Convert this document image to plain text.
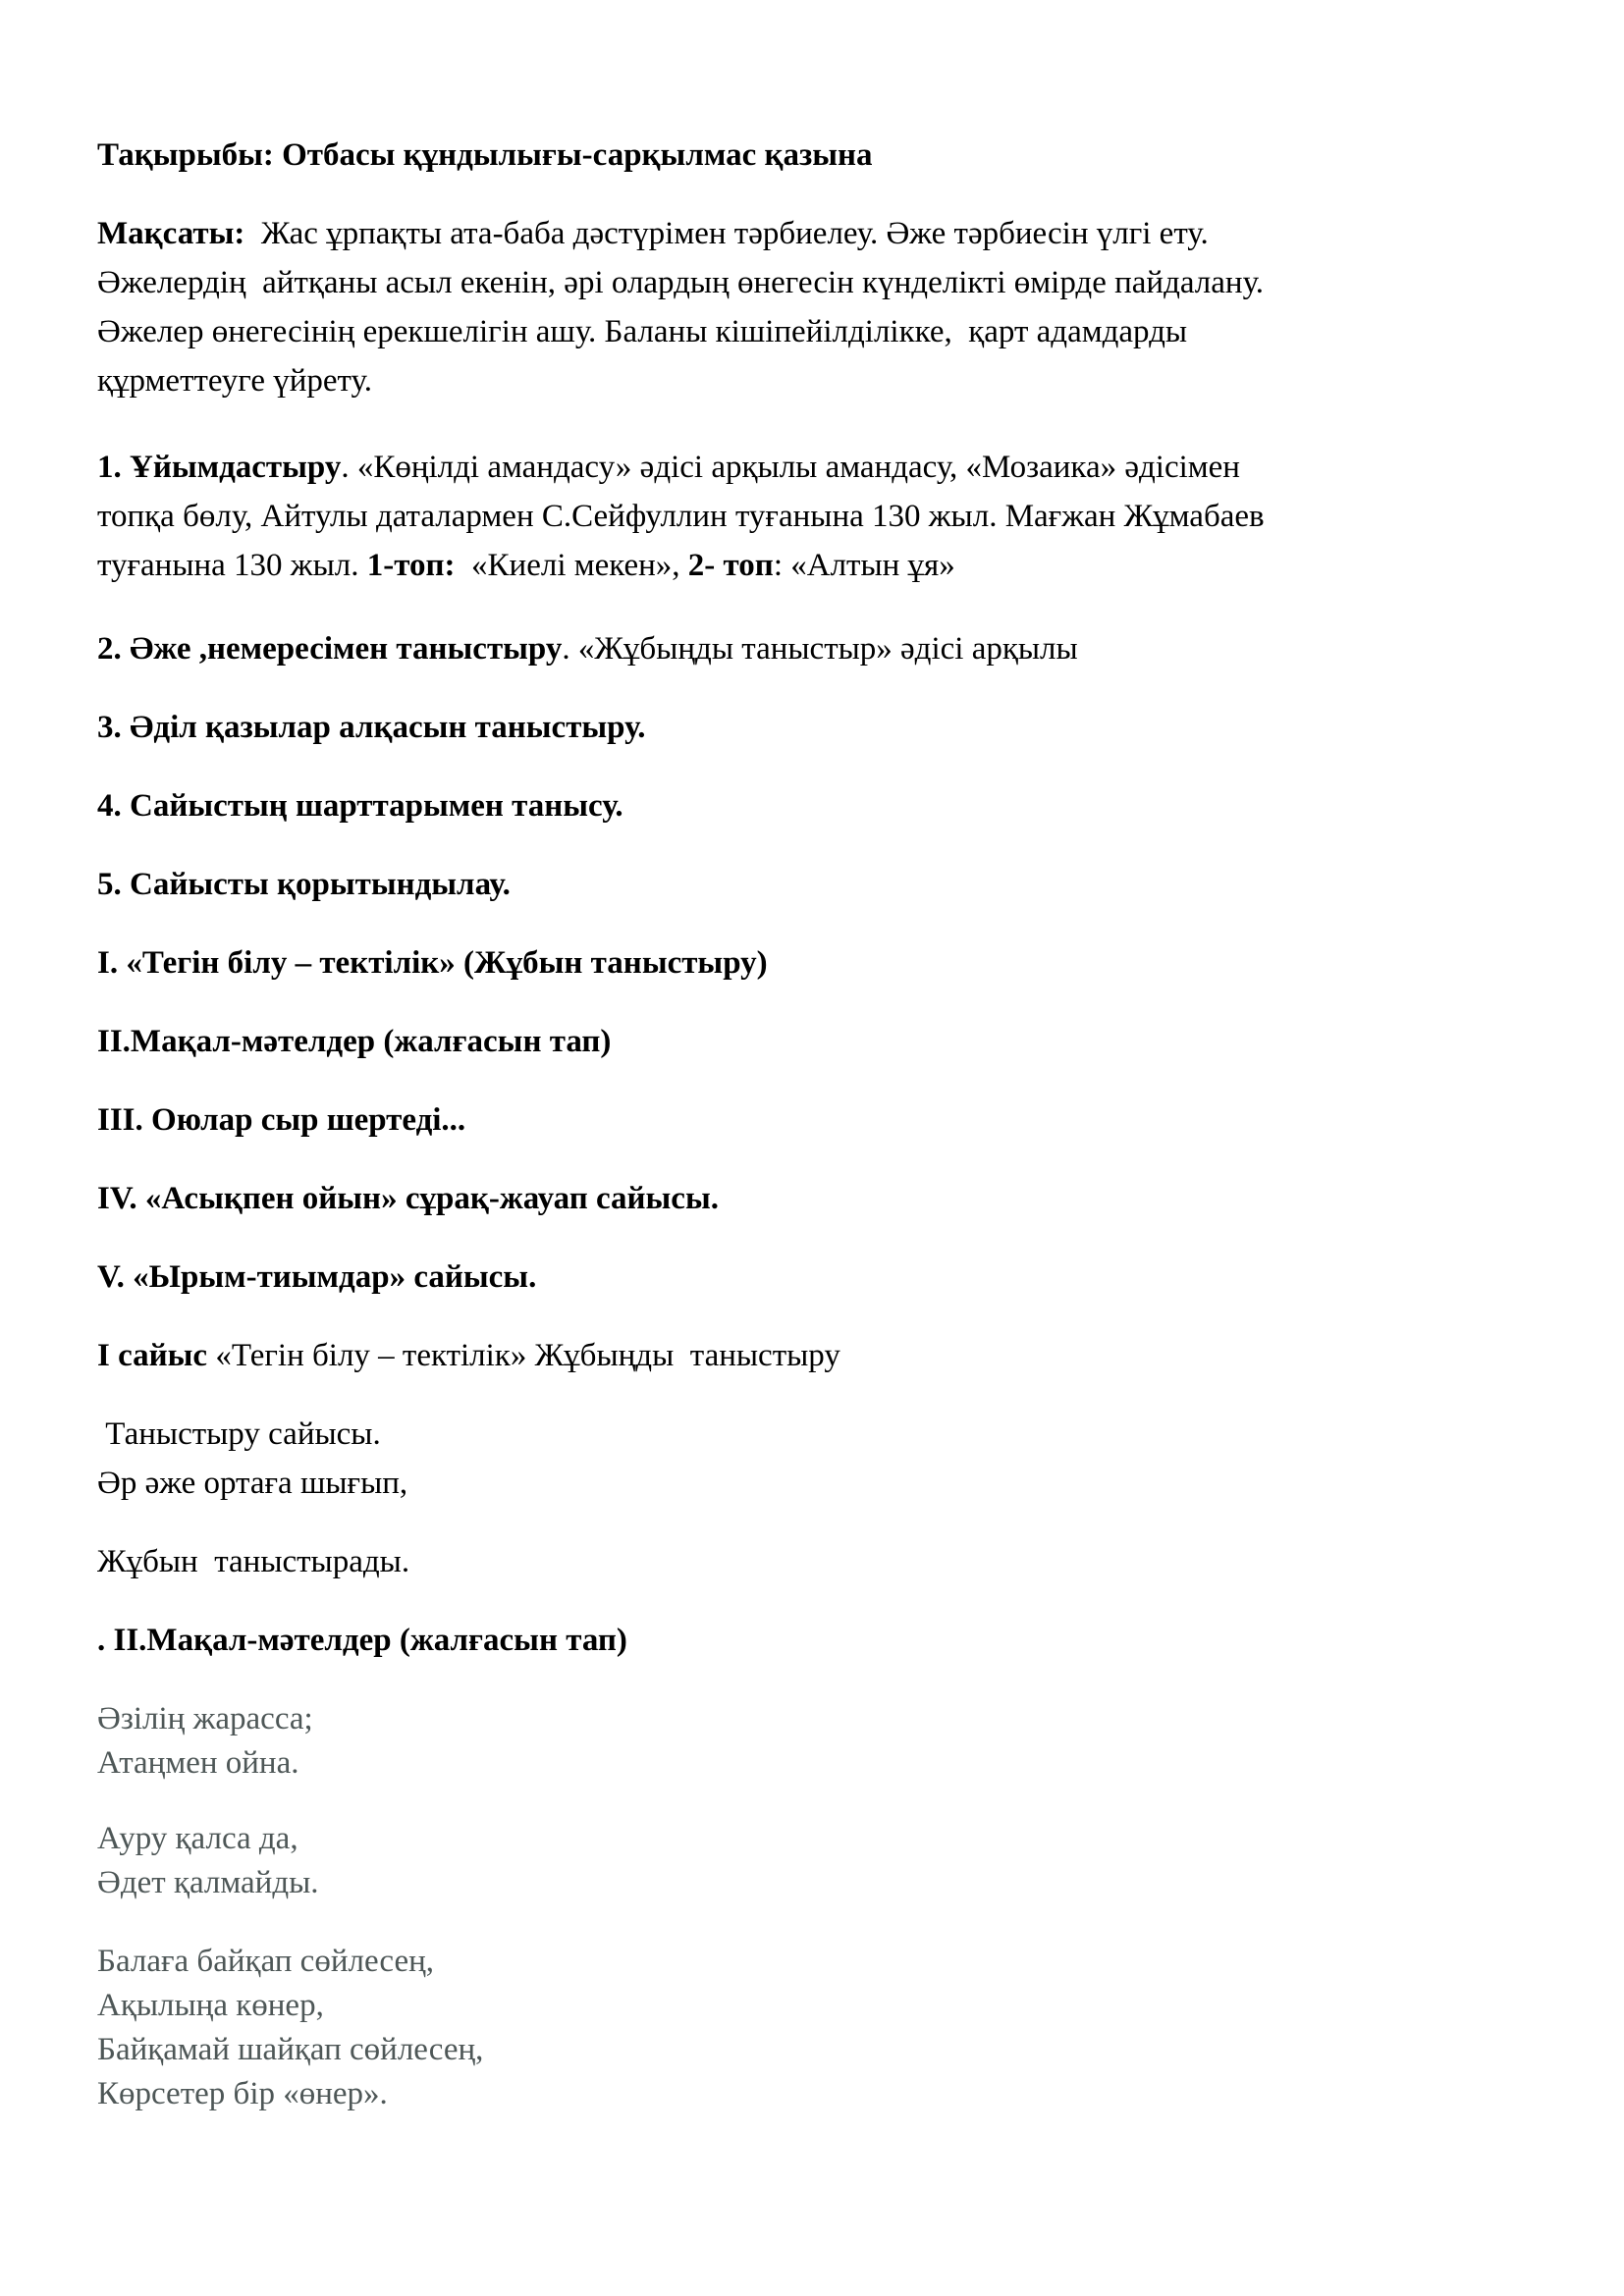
Тақырыбы: Отбасы құндылығы-сарқылмас қазына
Мақсаты:  Жас ұрпақты ата-баба дәстүрімен тәрбиелеу. Әже тәрбиесін үлгі ету.
Әжелердің  айтқаны асыл екенін, әрі олардың өнегесін күнделікті өмірде пайдалану.
Әжелер өнегесінің ерекшелігін ашу. Баланы кішіпейілділікке,  қарт адамдарды
құрметтеуге үйрету.
1. Ұйымдастыру. «Көңілді амандасу» әдісі арқылы амандасу, «Мозаика» әдісімен
топқа бөлу, Айтулы даталармен С.Сейфуллин туғанына 130 жыл. Мағжан Жұмабаев
туғанына 130 жыл. 1-топ:  «Киелі мекен», 2- топ: «Алтын ұя»
2. Әже ,немересімен таныстыру. «Жұбыңды таныстыр» әдісі арқылы
3. Әділ қазылар алқасын таныстыру.
4. Сайыстың шарттарымен танысу.
5. Сайысты қорытындылау.
I. «Тегін білу – тектілік» (Жұбын таныстыру)
II.Мақал-мәтелдер (жалғасын тап)
III. Оюлар сыр шертеді...
IV. «Асықпен ойын» сұрақ-жауап сайысы.
V. «Ырым-тиымдар» сайысы.
I сайыс «Тегін білу – тектілік» Жұбыңды  таныстыру
Таныстыру сайысы.
Әр әже ортаға шығып,
Жұбын  таныстырады.
. II.Мақал-мәтелдер (жалғасын тап)
Әзілің жарасса;
Атаңмен ойна.
Ауру қалса да,
Әдет қалмайды.
Балаға байқап сөйлесең,
Ақылыңа көнер,
Байқамай шайқап сөйлесең,
Көрсетер бір «өнер».
